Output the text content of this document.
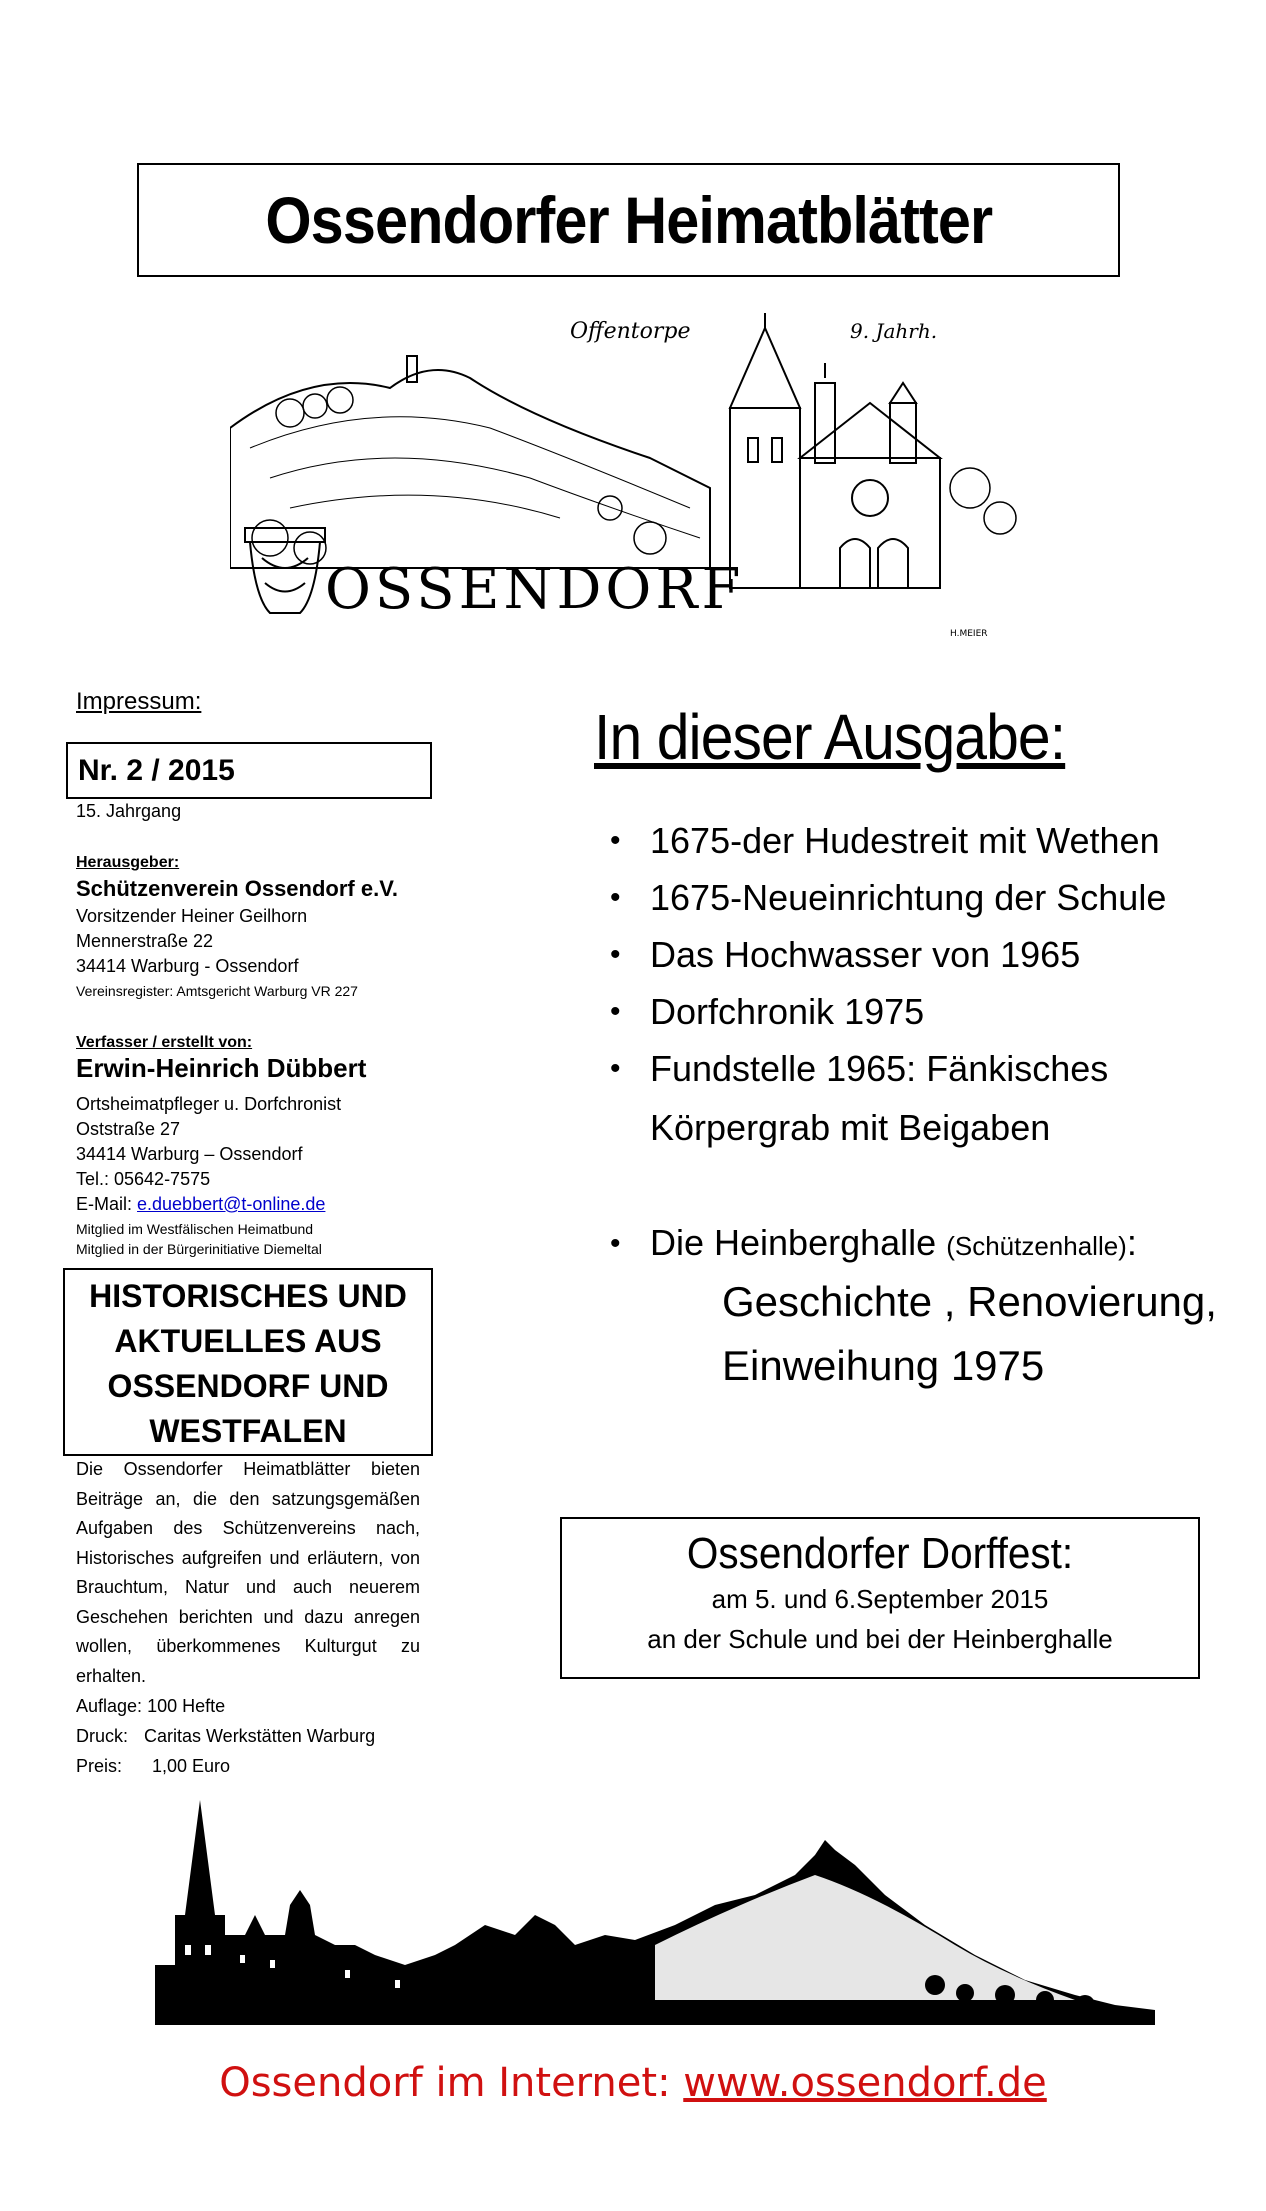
Ossendorfer Heimatblätter
Offentorpe	9. Jahrh.
OSSENDORF
H.MEIER
Impressum:
Nr. 2 / 2015
15. Jahrgang
Herausgeber:
Schützenverein Ossendorf e.V.
Vorsitzender Heiner Geilhorn
Mennerstraße 22
34414 Warburg - Ossendorf
Vereinsregister: Amtsgericht Warburg VR 227
Verfasser / erstellt von:
Erwin-Heinrich Dübbert
Ortsheimatpfleger u. Dorfchronist
Oststraße 27
34414 Warburg – Ossendorf
Tel.: 05642-7575
E-Mail: e.duebbert@t-online.de
Mitglied im Westfälischen Heimatbund
Mitglied in der Bürgerinitiative Diemeltal
HISTORISCHES UND
AKTUELLES AUS
OSSENDORF UND
WESTFALEN
Die Ossendorfer Heimatblätter bieten Beiträge an, die den satzungsgemäßen Aufgaben des Schützenvereins nach, Historisches aufgreifen und erläutern, von Brauchtum, Natur und auch neuerem Geschehen berichten und dazu anregen wollen, überkommenes Kulturgut zu erhalten.
Auflage: 100 Hefte
Druck: Caritas Werkstätten Warburg
Preis: 1,00 Euro
In dieser Ausgabe:
• 1675-der Hudestreit mit Wethen
• 1675-Neueinrichtung der Schule
• Das Hochwasser von 1965
• Dorfchronik 1975
• Fundstelle 1965: Fänkisches
Körpergrab mit Beigaben
• Die Heinberghalle (Schützenhalle):
Geschichte , Renovierung,
Einweihung 1975
Ossendorfer Dorffest:
am 5. und 6.September 2015
an der Schule und bei der Heinberghalle
Ossendorf im Internet: www.ossendorf.de
